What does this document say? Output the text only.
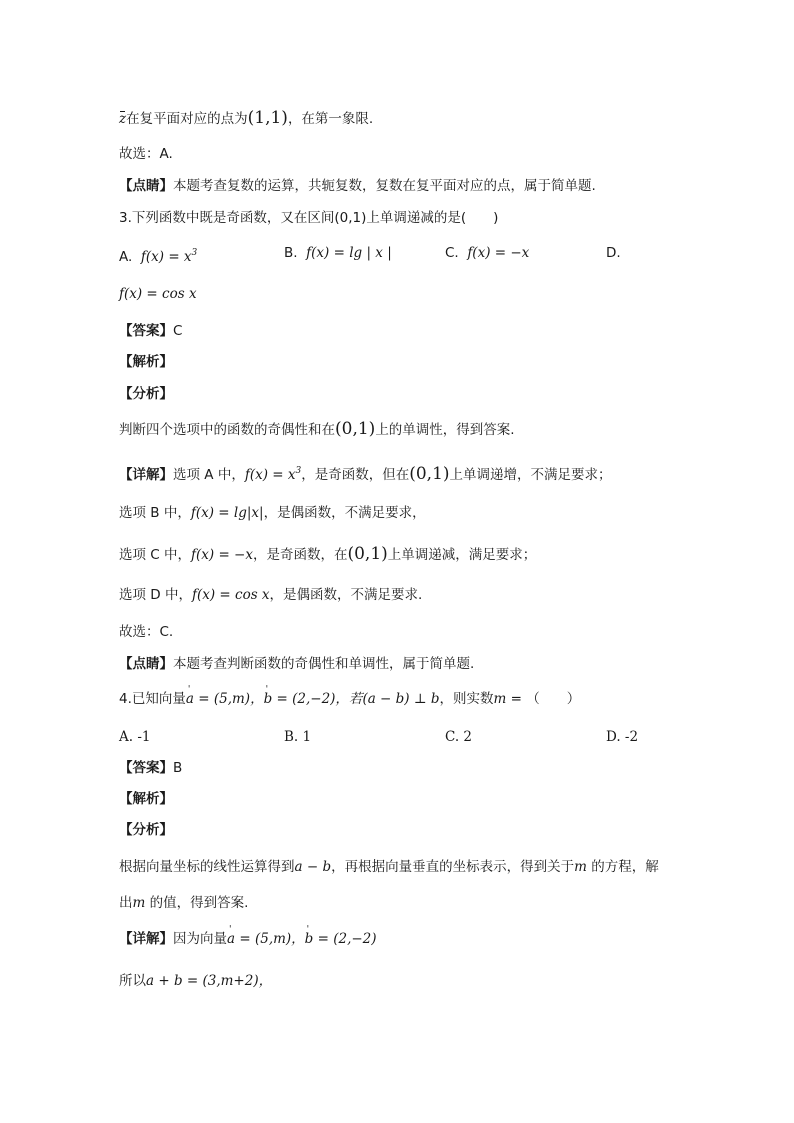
z在复平面对应的点为(1,1)，在第一象限.
故选：A.
【点睛】本题考查复数的运算，共轭复数，复数在复平面对应的点，属于简单题.
3.下列函数中既是奇函数，又在区间(0,1)上单调递减的是(　　)
A. $f(x) = x^3$	B. f(x) = lg | x |	C. f(x) = −x	D.
f(x) = cos x
【答案】C
【解析】
【分析】
判断四个选项中的函数的奇偶性和在(0,1)上的单调性，得到答案.
【详解】选项 A 中，$f(x) = x^3$，是奇函数，但在(0,1)上单调递增，不满足要求；
选项 B 中，f(x) = lg|x|，是偶函数，不满足要求，
选项 C 中，f(x) = −x，是奇函数，在(0,1)上单调递减，满足要求；
选项 D 中，f(x) = cos x，是偶函数，不满足要求.
故选：C.
【点睛】本题考查判断函数的奇偶性和单调性，属于简单题.
4.已知向量' a = (5,m)，' b = (2,−2)，若(a − b) ⊥ b，则实数m = （　　）
A. -1	B. 1	C. 2	D. -2
【答案】B
【解析】
【分析】
根据向量坐标的线性运算得到a − b，再根据向量垂直的坐标表示，得到关于m 的方程，解
出m 的值，得到答案.
【详解】因为向量' a = (5,m)，' b = (2,−2)
所以a + b = (3,m+2)，
